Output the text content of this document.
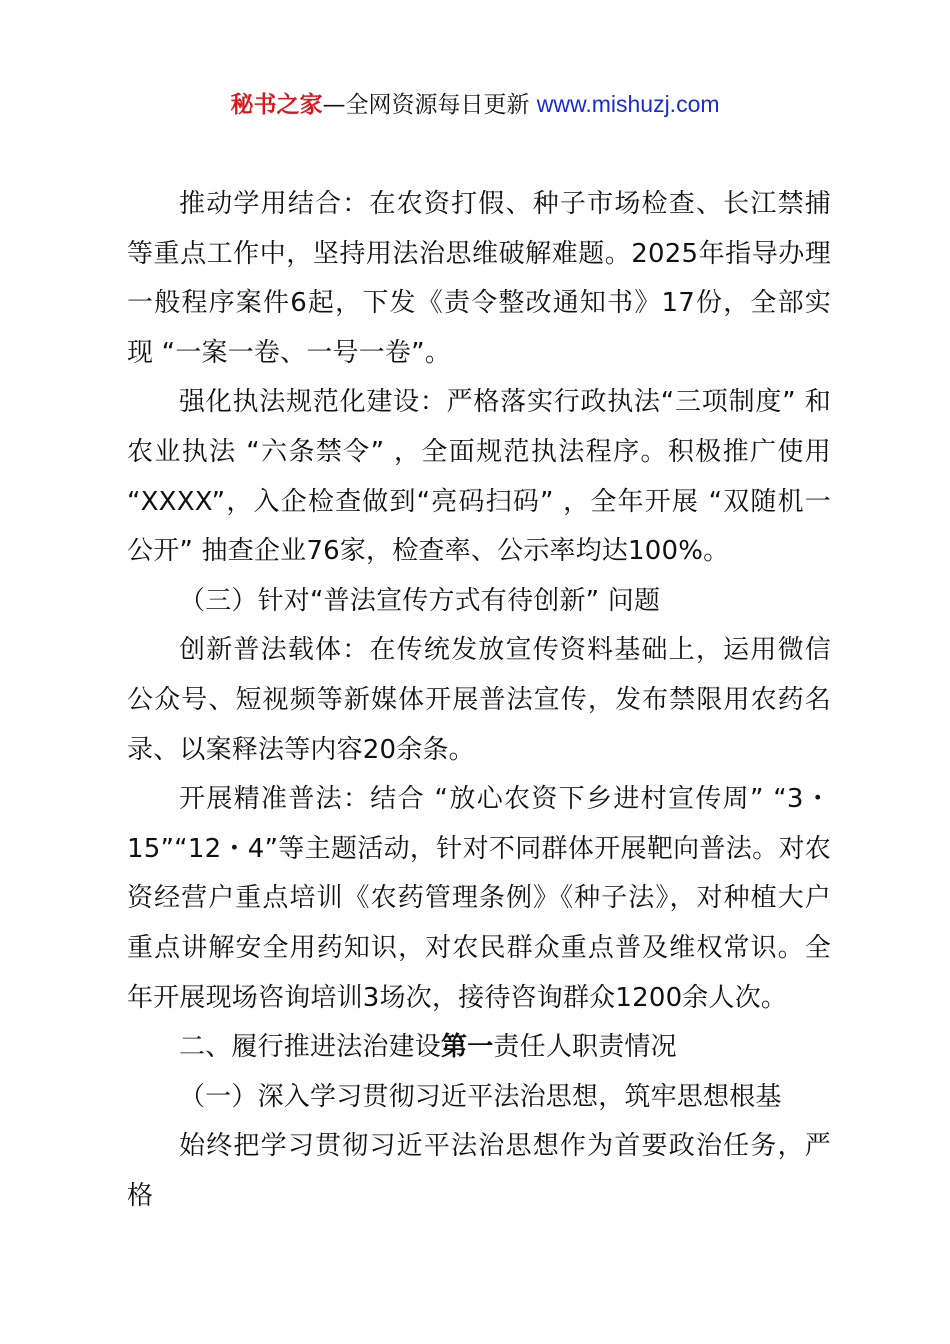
秘书之家—全网资源每日更新 www.mishuzj.com

推动学用结合：在农资打假、种子市场检查、长江禁捕等重点工作中，坚持用法治思维破解难题。2025年指导办理一般程序案件6起，下发《责令整改通知书》17份，全部实现 “一案一卷、一号一卷”。

强化执法规范化建设：严格落实行政执法“三项制度” 和农业执法 “六条禁令” ，全面规范执法程序。积极推广使用 “XXXX”，入企检查做到“亮码扫码” ，全年开展 “双随机一公开” 抽查企业76家，检查率、公示率均达100%。

（三）针对“普法宣传方式有待创新” 问题

创新普法载体：在传统发放宣传资料基础上，运用微信公众号、短视频等新媒体开展普法宣传，发布禁限用农药名录、以案释法等内容20余条。

开展精准普法：结合 “放心农资下乡进村宣传周” “3・15”“12・4”等主题活动，针对不同群体开展靶向普法。对农资经营户重点培训《农药管理条例》《种子法》，对种植大户重点讲解安全用药知识，对农民群众重点普及维权常识。全年开展现场咨询培训3场次，接待咨询群众1200余人次。

二、履行推进法治建设第一责任人职责情况

（一）深入学习贯彻习近平法治思想，筑牢思想根基

始终把学习贯彻习近平法治思想作为首要政治任务，严格
